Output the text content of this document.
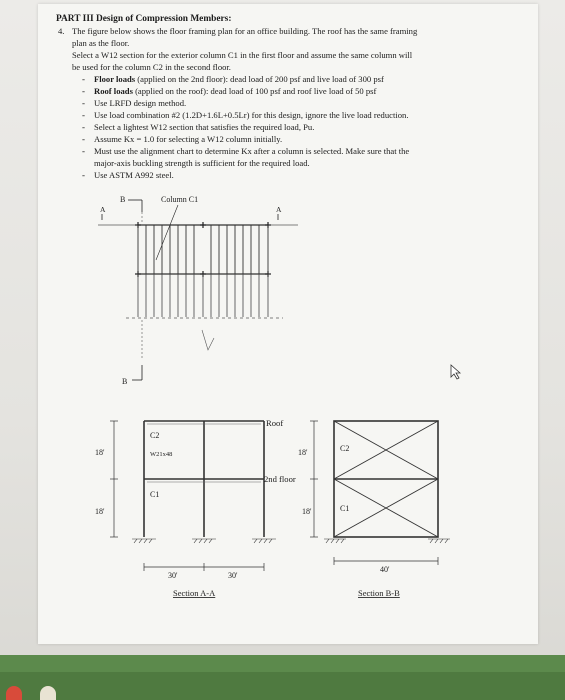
PART III Design of Compression Members:
4. The figure below shows the floor framing plan for an office building. The roof has the same framing
plan as the floor.
Select a W12 section for the exterior column C1 in the first floor and assume the same column will
be used for the column C2 in the second floor.
- Floor loads (applied on the 2nd floor): dead load of 200 psf and live load of 300 psf
- Roof loads (applied on the roof): dead load of 100 psf and roof live load of 50 psf
- Use LRFD design method.
- Use load combination #2 (1.2D+1.6L+0.5Lr) for this design, ignore the live load reduction.
- Select a lightest W12 section that satisfies the required load, Pu.
- Assume Kx = 1.0 for selecting a W12 column initially.
- Must use the alignment chart to determine Kx after a column is selected. Make sure that the
major-axis buckling strength is sufficient for the required load.
- Use ASTM A992 steel.
B	Column C1
A	A
B
18'
18'
C2
W21x48
C1
30'	30'
Section A-A
Roof
2nd floor
18'
18'
C2
C1
40'
Section B-B
